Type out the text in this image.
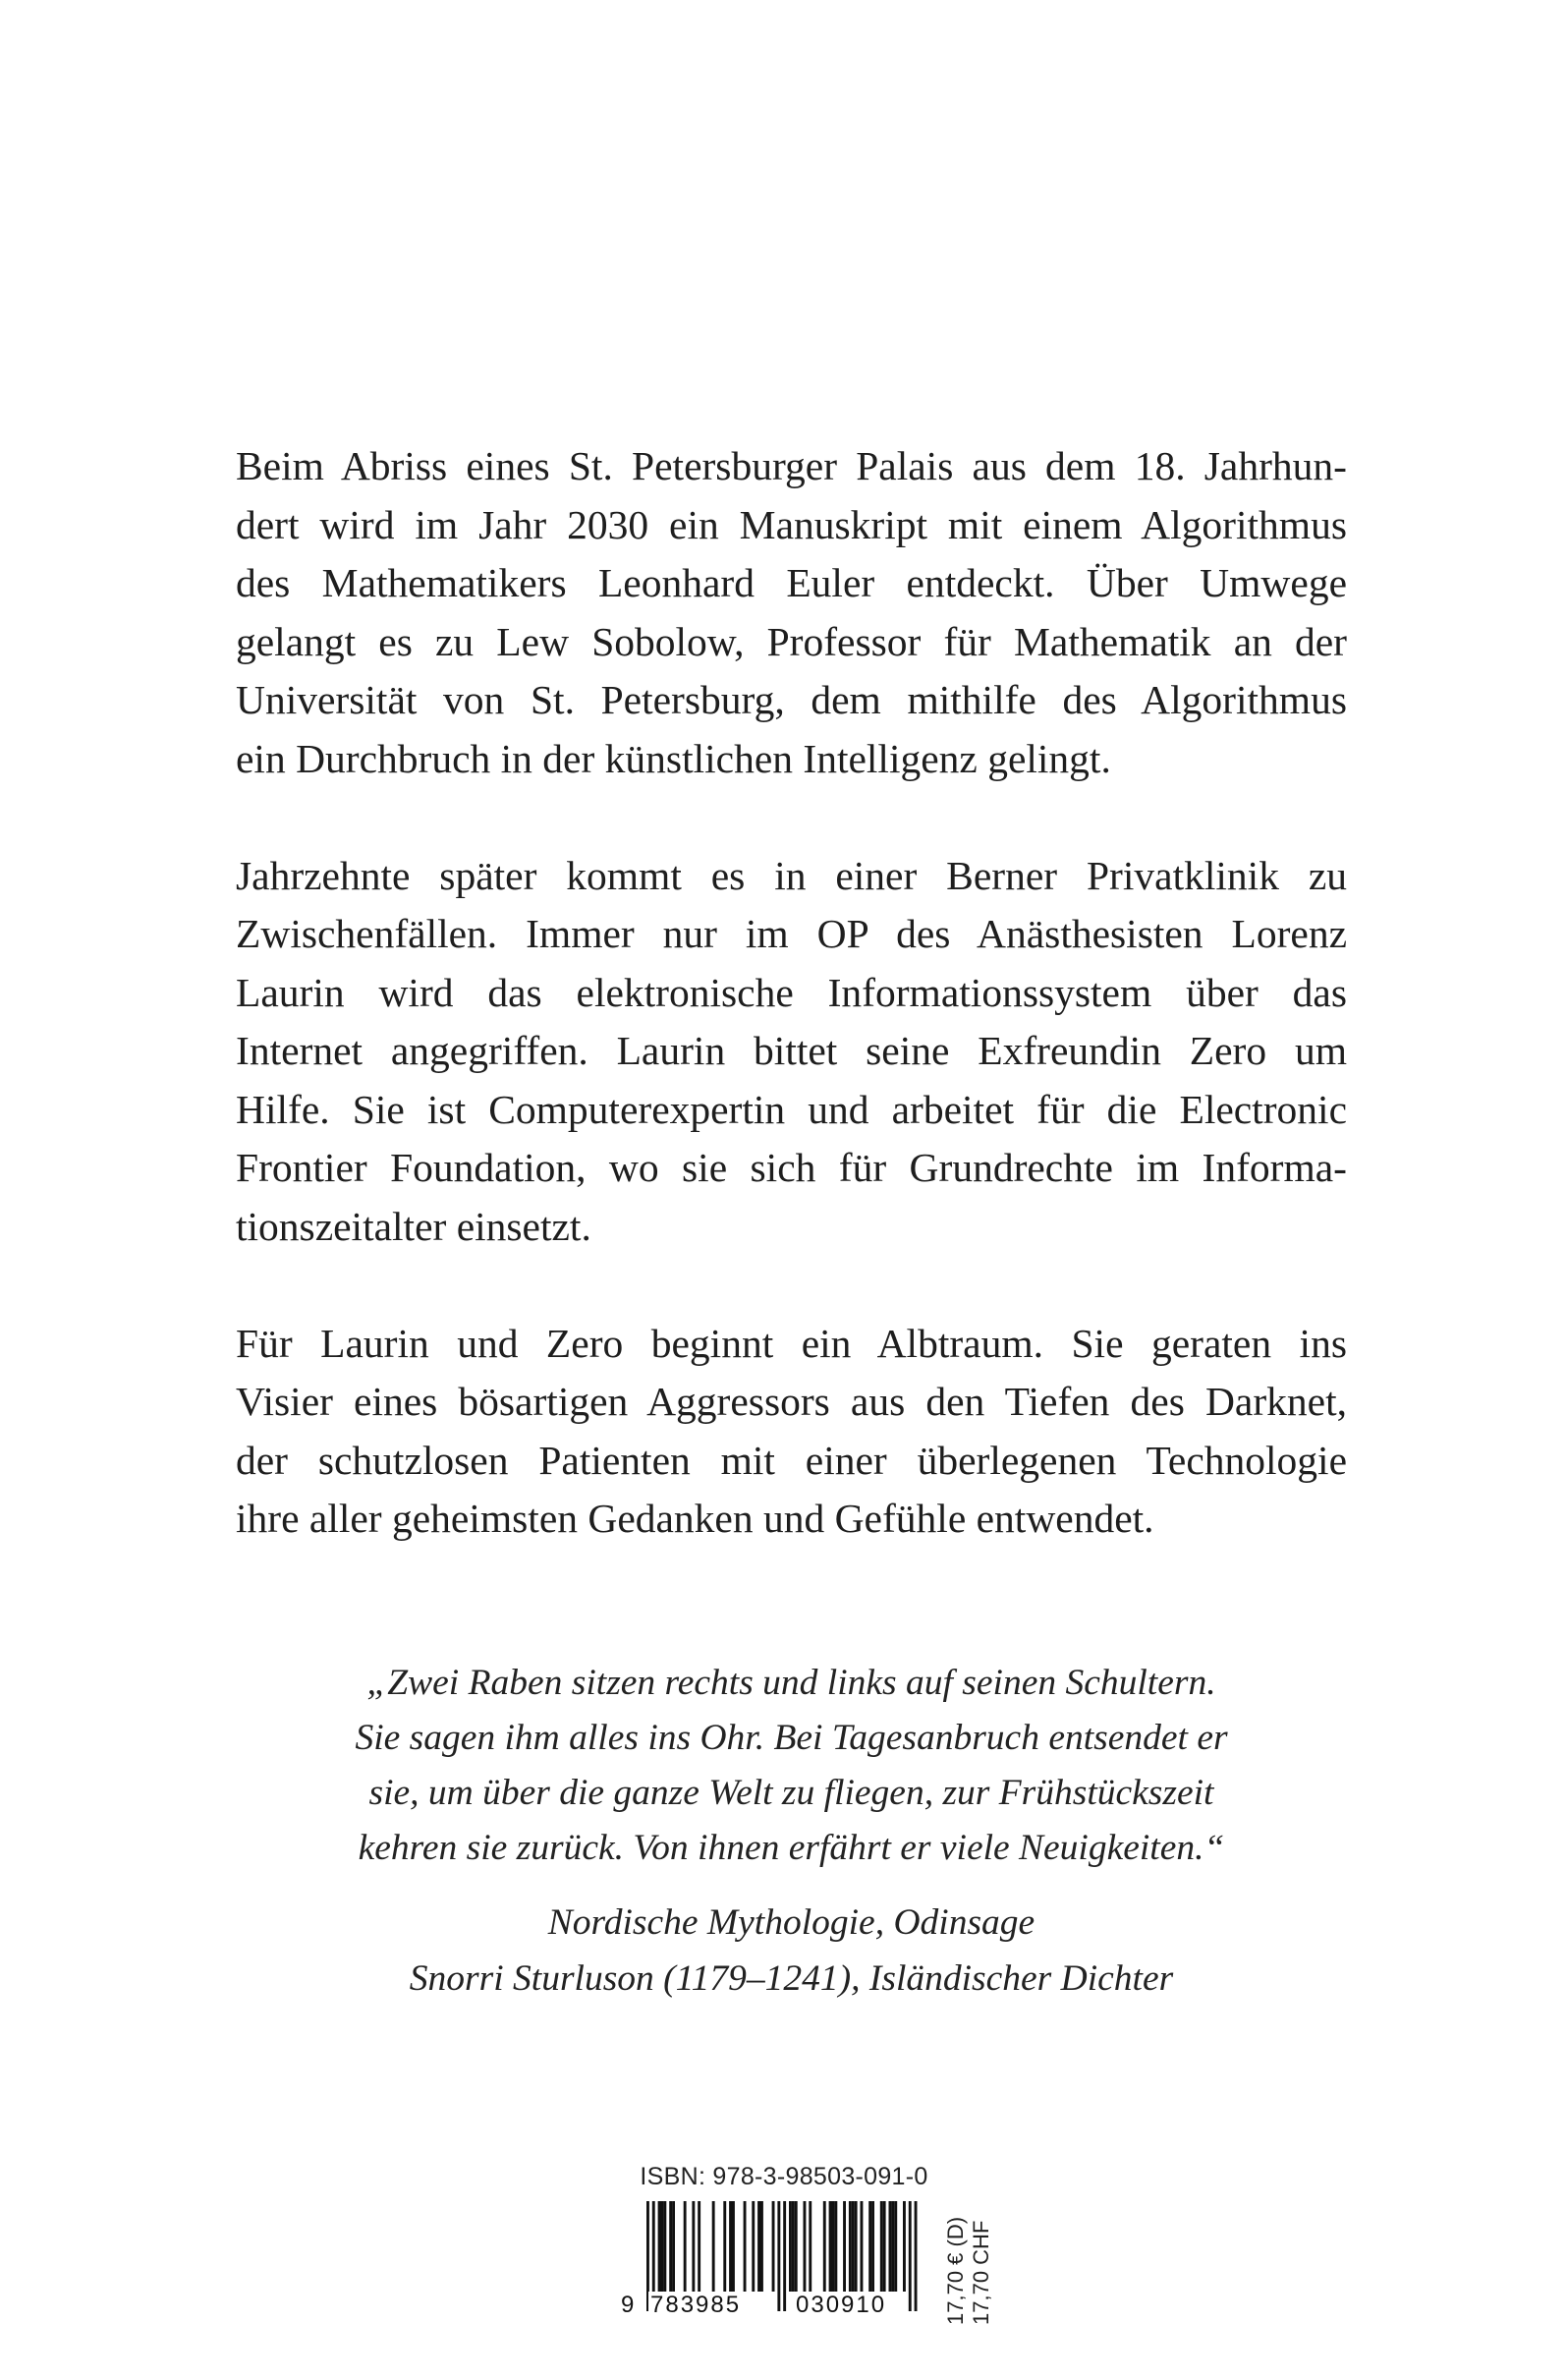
Beim Abriss eines St. Petersburger Palais aus dem 18. Jahrhun-
dert wird im Jahr 2030 ein Manuskript mit einem Algorithmus
des Mathematikers Leonhard Euler entdeckt. Über Umwege
gelangt es zu Lew Sobolow, Professor für Mathematik an der
Universität von St. Petersburg, dem mithilfe des Algorithmus
ein Durchbruch in der künstlichen Intelligenz gelingt.

Jahrzehnte später kommt es in einer Berner Privatklinik zu
Zwischenfällen. Immer nur im OP des Anästhesisten Lorenz
Laurin wird das elektronische Informationssystem über das
Internet angegriffen. Laurin bittet seine Exfreundin Zero um
Hilfe. Sie ist Computerexpertin und arbeitet für die Electronic
Frontier Foundation, wo sie sich für Grundrechte im Informa-
tionszeitalter einsetzt.

Für Laurin und Zero beginnt ein Albtraum. Sie geraten ins
Visier eines bösartigen Aggressors aus den Tiefen des Darknet,
der schutzlosen Patienten mit einer überlegenen Technologie
ihre aller geheimsten Gedanken und Gefühle entwendet.

„Zwei Raben sitzen rechts und links auf seinen Schultern.
Sie sagen ihm alles ins Ohr. Bei Tagesanbruch entsendet er
sie, um über die ganze Welt zu fliegen, zur Frühstückszeit
kehren sie zurück. Von ihnen erfährt er viele Neuigkeiten.“
Nordische Mythologie, Odinsage
Snorri Sturluson (1179–1241), Isländischer Dichter
ISBN: 978-3-98503-091-0
9 783985 030910	17,70 € (D) 17,70 CHF
